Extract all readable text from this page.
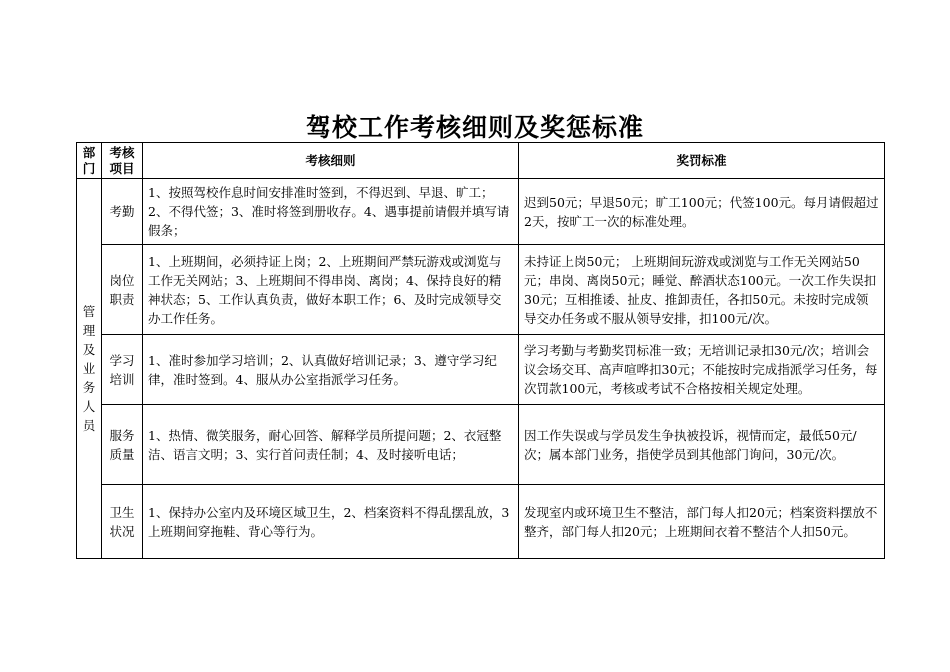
驾校工作考核细则及奖惩标准
部门	考核项目	考核细则	奖罚标准
管理及业务人员	考勤	1、按照驾校作息时间安排准时签到，不得迟到、早退、旷工；2、不得代签；3、准时将签到册收存。4、遇事提前请假并填写请假条；	迟到50元；早退50元；旷工100元；代签100元。每月请假超过2天，按旷工一次的标准处理。
	岗位职责	1、上班期间，必须持证上岗；2、上班期间严禁玩游戏或浏览与工作无关网站；3、上班期间不得串岗、离岗；4、保持良好的精神状态；5、工作认真负责，做好本职工作；6、及时完成领导交办工作任务。	未持证上岗50元； 上班期间玩游戏或浏览与工作无关网站50元；串岗、离岗50元；睡觉、醉酒状态100元。一次工作失误扣30元；互相推诿、扯皮、推卸责任，各扣50元。未按时完成领导交办任务或不服从领导安排，扣100元/次。
	学习培训	1、准时参加学习培训；2、认真做好培训记录；3、遵守学习纪律，准时签到。4、服从办公室指派学习任务。	学习考勤与考勤奖罚标准一致；无培训记录扣30元/次；培训会议会场交耳、高声喧哗扣30元；不能按时完成指派学习任务，每次罚款100元，考核或考试不合格按相关规定处理。
	服务质量	1、热情、微笑服务，耐心回答、解释学员所提问题；2、衣冠整洁、语言文明；3、实行首问责任制；4、及时接听电话；	因工作失误或与学员发生争执被投诉，视情而定，最低50元/次；属本部门业务，指使学员到其他部门询问，30元/次。
	卫生状况	1、保持办公室内及环境区域卫生，2、档案资料不得乱摆乱放，3上班期间穿拖鞋、背心等行为。	发现室内或环境卫生不整洁，部门每人扣20元；档案资料摆放不整齐，部门每人扣20元；上班期间衣着不整洁个人扣50元。
